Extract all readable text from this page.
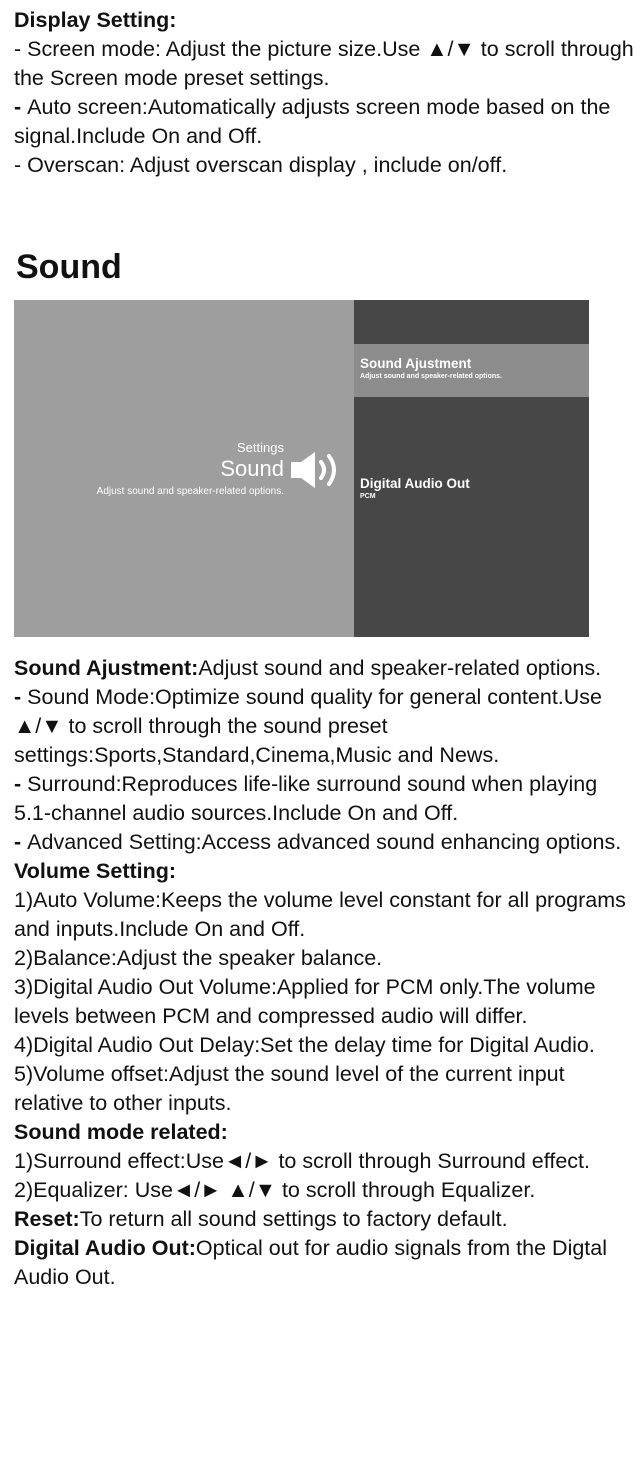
Display Setting:

- Screen mode: Adjust the picture size.Use ▲/▼ to scroll through the Screen mode preset settings.

- Auto screen:Automatically adjusts screen mode based on the signal.Include On and Off.

- Overscan: Adjust overscan display , include on/off.

Sound
Settings
Sound
Adjust sound and speaker-related options.
Sound Ajustment
Adjust sound and speaker-related options.
Digital Audio Out
PCM

Sound Ajustment:Adjust sound and speaker-related options.

- Sound Mode:Optimize sound quality for general content.Use ▲/▼ to scroll through the sound preset settings:Sports,Standard,Cinema,Music and News.

- Surround:Reproduces life-like surround sound when playing 5.1-channel audio sources.Include On and Off.

- Advanced Setting:Access advanced sound enhancing options.

Volume Setting:

1)Auto Volume:Keeps the volume level constant for all programs and inputs.Include On and Off.

2)Balance:Adjust the speaker balance.

3)Digital Audio Out Volume:Applied for PCM only.The volume levels between PCM and compressed audio will differ.

4)Digital Audio Out Delay:Set the delay time for Digital Audio.

5)Volume offset:Adjust the sound level of the current input relative to other inputs.

Sound mode related:

1)Surround effect:Use◄/► to scroll through Surround effect.

2)Equalizer: Use◄/► ▲/▼ to scroll through Equalizer.

Reset:To return all sound settings to factory default.

Digital Audio Out:Optical out for audio signals from the Digtal Audio Out.
